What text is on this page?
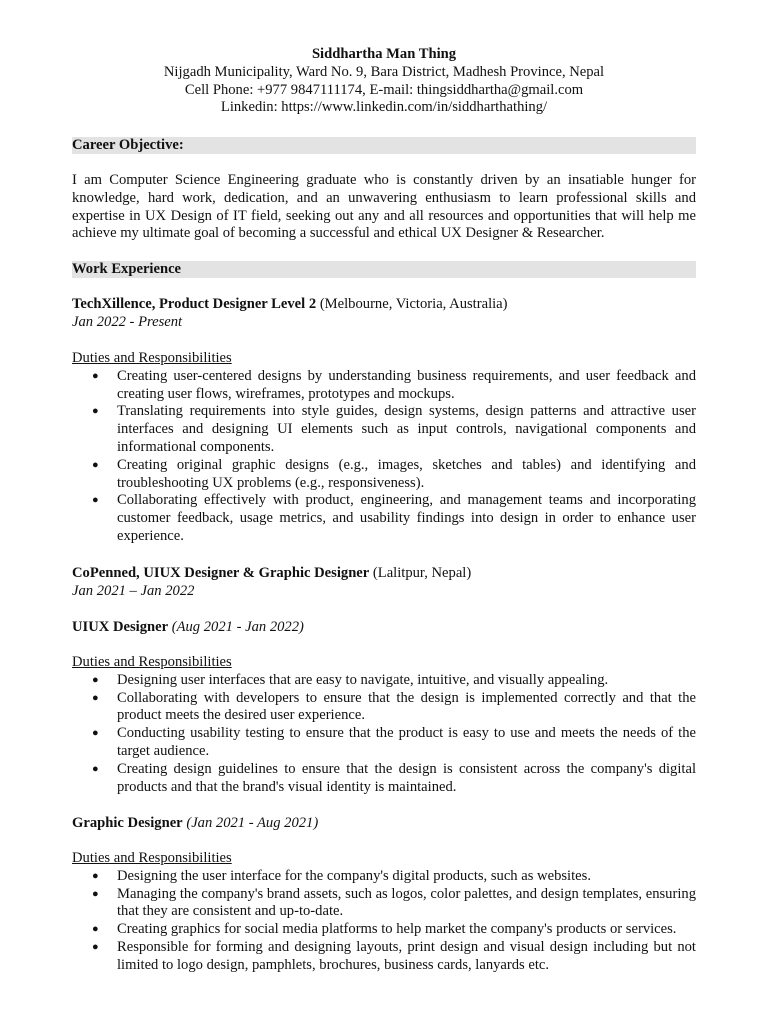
Siddhartha Man Thing
Nijgadh Municipality, Ward No. 9, Bara District, Madhesh Province, Nepal
Cell Phone: +977 9847111174, E-mail: thingsiddhartha@gmail.com
Linkedin: https://www.linkedin.com/in/siddharthathing/
Career Objective:
I am Computer Science Engineering graduate who is constantly driven by an insatiable hunger for knowledge, hard work, dedication, and an unwavering enthusiasm to learn professional skills and expertise in UX Design of IT field, seeking out any and all resources and opportunities that will help me achieve my ultimate goal of becoming a successful and ethical UX Designer & Researcher.
Work Experience
TechXillence, Product Designer Level 2 (Melbourne, Victoria, Australia)
Jan 2022 - Present
Duties and Responsibilities
● Creating user-centered designs by understanding business requirements, and user feedback and creating user flows, wireframes, prototypes and mockups.
● Translating requirements into style guides, design systems, design patterns and attractive user interfaces and designing UI elements such as input controls, navigational components and informational components.
● Creating original graphic designs (e.g., images, sketches and tables) and identifying and troubleshooting UX problems (e.g., responsiveness).
● Collaborating effectively with product, engineering, and management teams and incorporating customer feedback, usage metrics, and usability findings into design in order to enhance user experience.
CoPenned, UIUX Designer & Graphic Designer (Lalitpur, Nepal)
Jan 2021 – Jan 2022
UIUX Designer (Aug 2021 - Jan 2022)
Duties and Responsibilities
● Designing user interfaces that are easy to navigate, intuitive, and visually appealing.
● Collaborating with developers to ensure that the design is implemented correctly and that the product meets the desired user experience.
● Conducting usability testing to ensure that the product is easy to use and meets the needs of the target audience.
● Creating design guidelines to ensure that the design is consistent across the company's digital products and that the brand's visual identity is maintained.
Graphic Designer (Jan 2021 - Aug 2021)
Duties and Responsibilities
● Designing the user interface for the company's digital products, such as websites.
● Managing the company's brand assets, such as logos, color palettes, and design templates, ensuring that they are consistent and up-to-date.
● Creating graphics for social media platforms to help market the company's products or services.
● Responsible for forming and designing layouts, print design and visual design including but not limited to logo design, pamphlets, brochures, business cards, lanyards etc.
